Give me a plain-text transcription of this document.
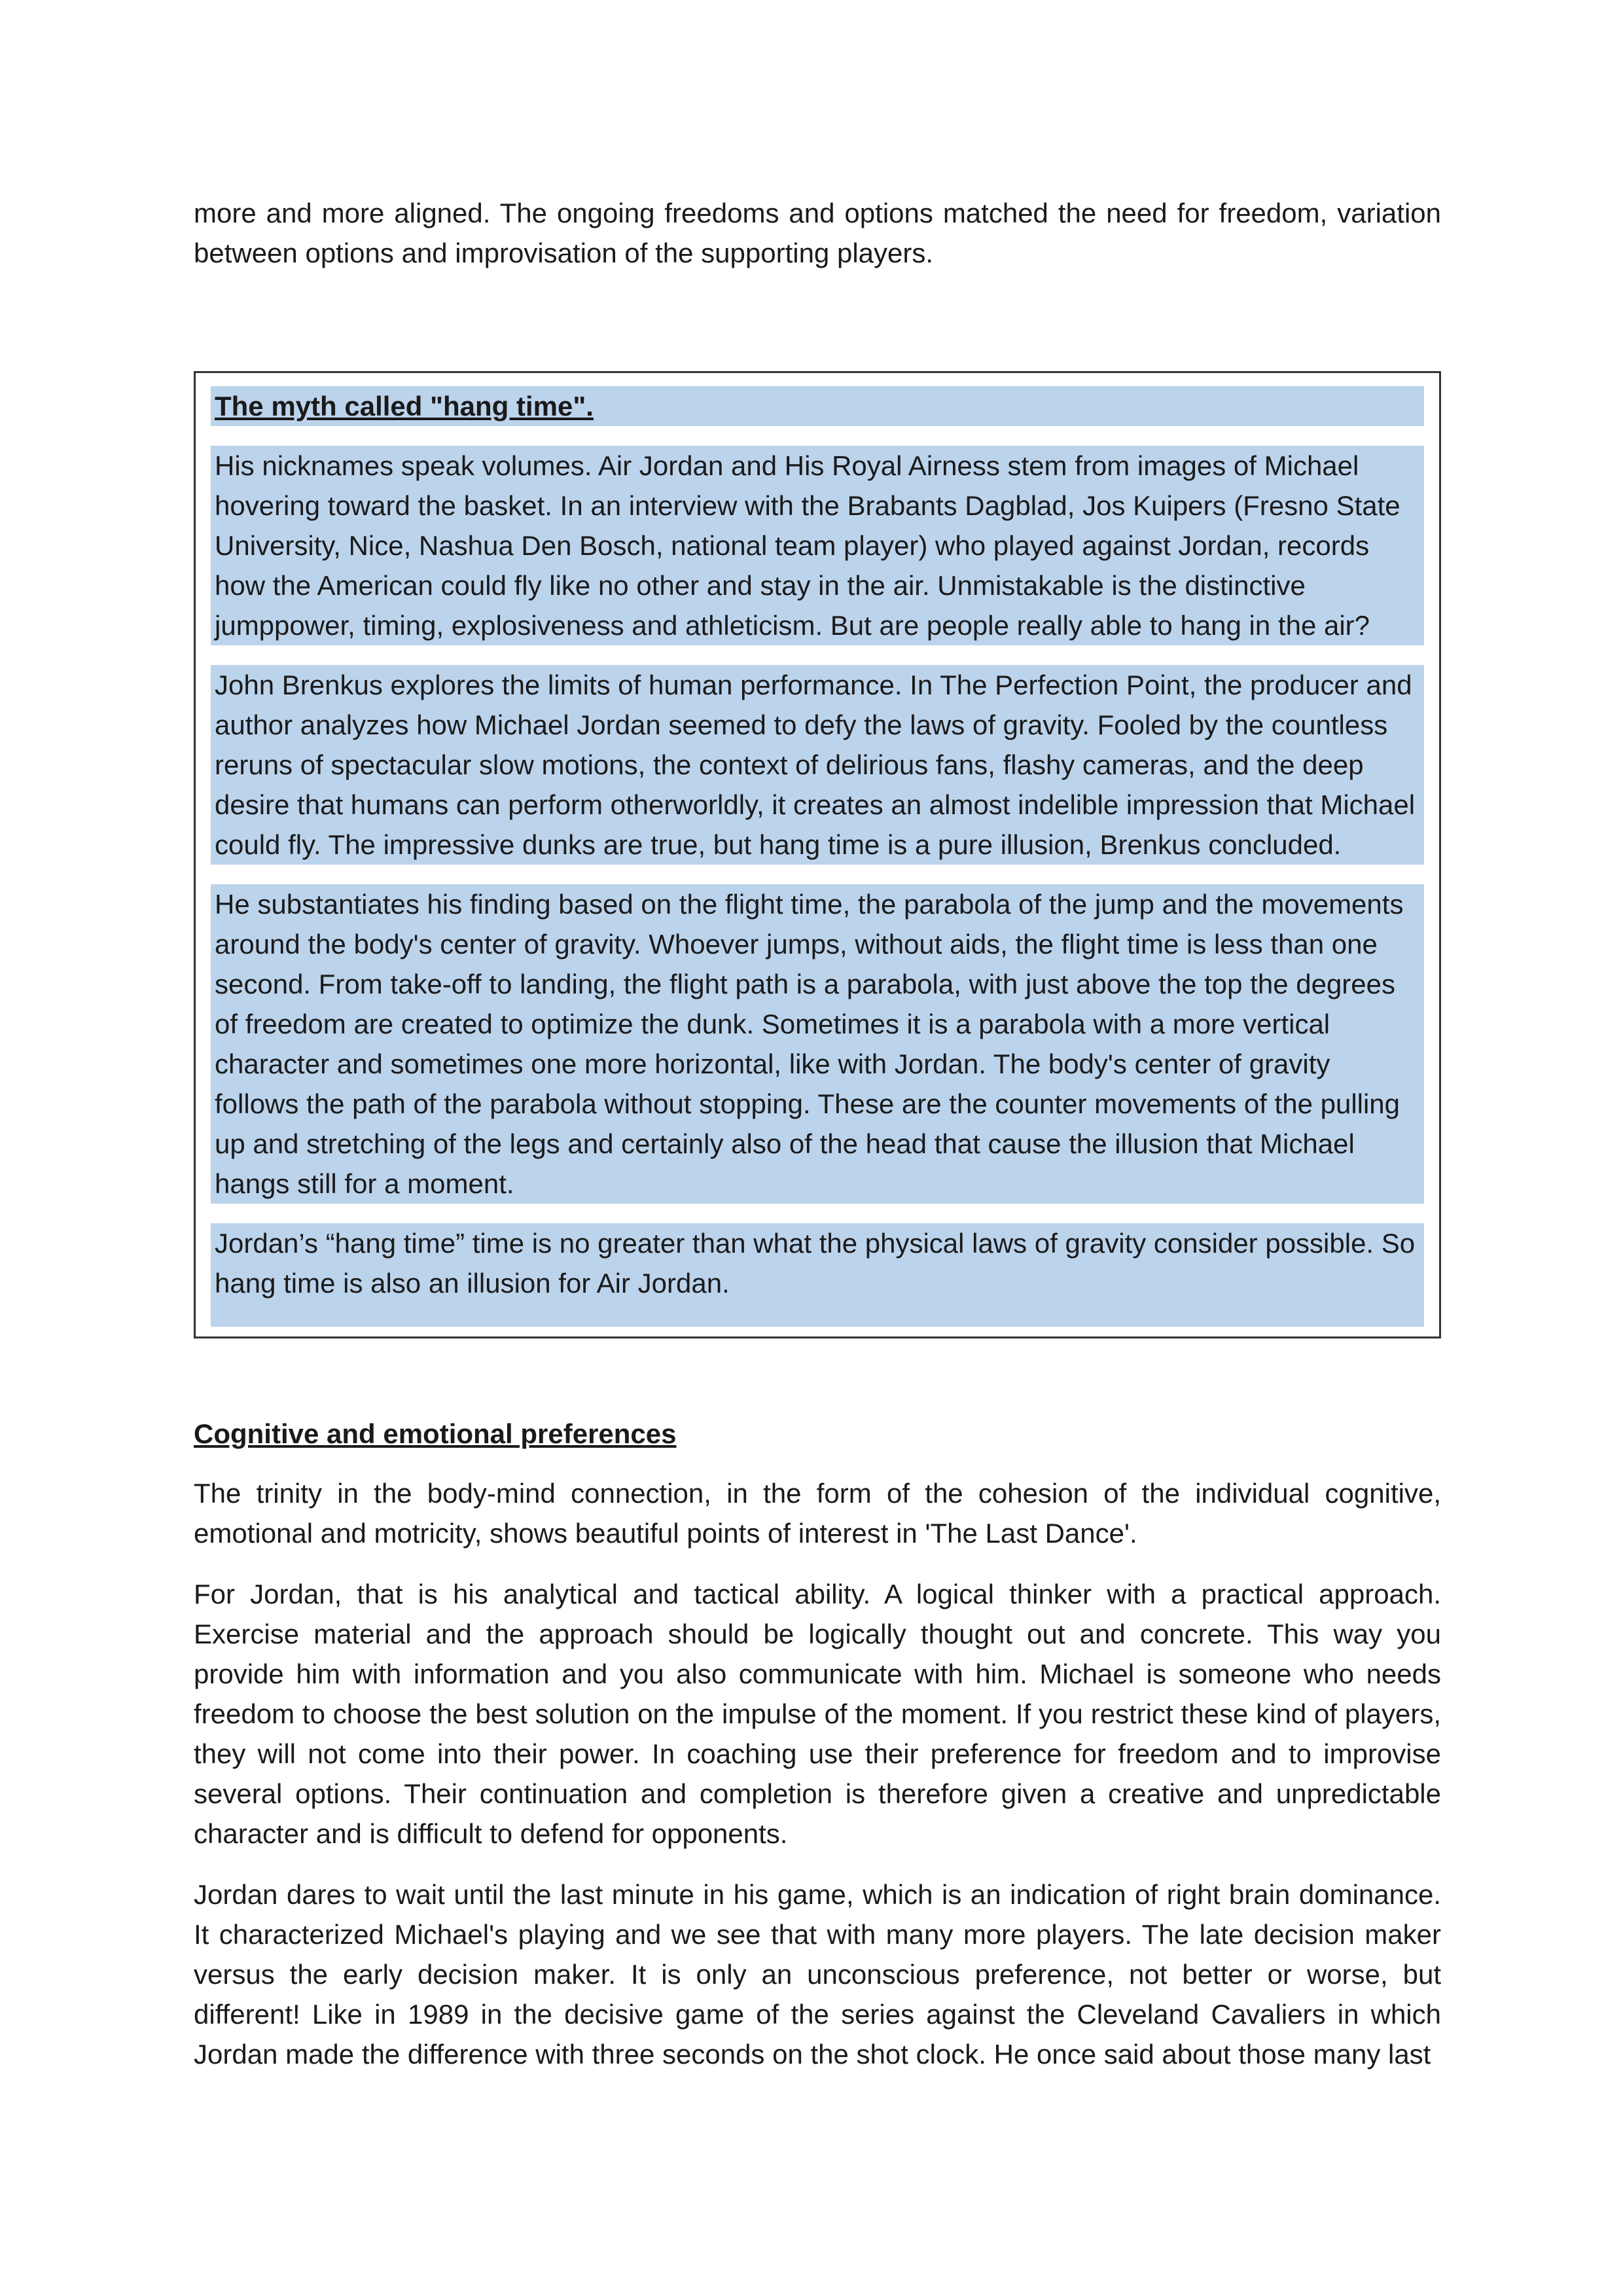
more and more aligned. The ongoing freedoms and options matched the need for freedom, variation between options and improvisation of the supporting players.

The myth called "hang time".

His nicknames speak volumes. Air Jordan and His Royal Airness stem from images of Michael hovering toward the basket. In an interview with the Brabants Dagblad, Jos Kuipers (Fresno State University, Nice, Nashua Den Bosch, national team player) who played against Jordan, records how the American could fly like no other and stay in the air. Unmistakable is the distinctive jumppower, timing, explosiveness and athleticism. But are people really able to hang in the air?

John Brenkus explores the limits of human performance. In The Perfection Point, the producer and author analyzes how Michael Jordan seemed to defy the laws of gravity. Fooled by the countless reruns of spectacular slow motions, the context of delirious fans, flashy cameras, and the deep desire that humans can perform otherworldly, it creates an almost indelible impression that Michael could fly. The impressive dunks are true, but hang time is a pure illusion, Brenkus concluded.

He substantiates his finding based on the flight time, the parabola of the jump and the movements around the body's center of gravity. Whoever jumps, without aids, the flight time is less than one second. From take-off to landing, the flight path is a parabola, with just above the top the degrees of freedom are created to optimize the dunk. Sometimes it is a parabola with a more vertical character and sometimes one more horizontal, like with Jordan. The body's center of gravity follows the path of the parabola without stopping. These are the counter movements of the pulling up and stretching of the legs and certainly also of the head that cause the illusion that Michael hangs still for a moment.

Jordan’s “hang time” time is no greater than what the physical laws of gravity consider possible. So hang time is also an illusion for Air Jordan.

Cognitive and emotional preferences

The trinity in the body-mind connection, in the form of the cohesion of the individual cognitive, emotional and motricity, shows beautiful points of interest in 'The Last Dance'.

For Jordan, that is his analytical and tactical ability. A logical thinker with a practical approach. Exercise material and the approach should be logically thought out and concrete. This way you provide him with information and you also communicate with him. Michael is someone who needs freedom to choose the best solution on the impulse of the moment. If you restrict these kind of players, they will not come into their power. In coaching use their preference for freedom and to improvise several options. Their continuation and completion is therefore given a creative and unpredictable character and is difficult to defend for opponents.

Jordan dares to wait until the last minute in his game, which is an indication of right brain dominance. It characterized Michael's playing and we see that with many more players. The late decision maker versus the early decision maker. It is only an unconscious preference, not better or worse, but different! Like in 1989 in the decisive game of the series against the Cleveland Cavaliers in which Jordan made the difference with three seconds on the shot clock. He once said about those many last
